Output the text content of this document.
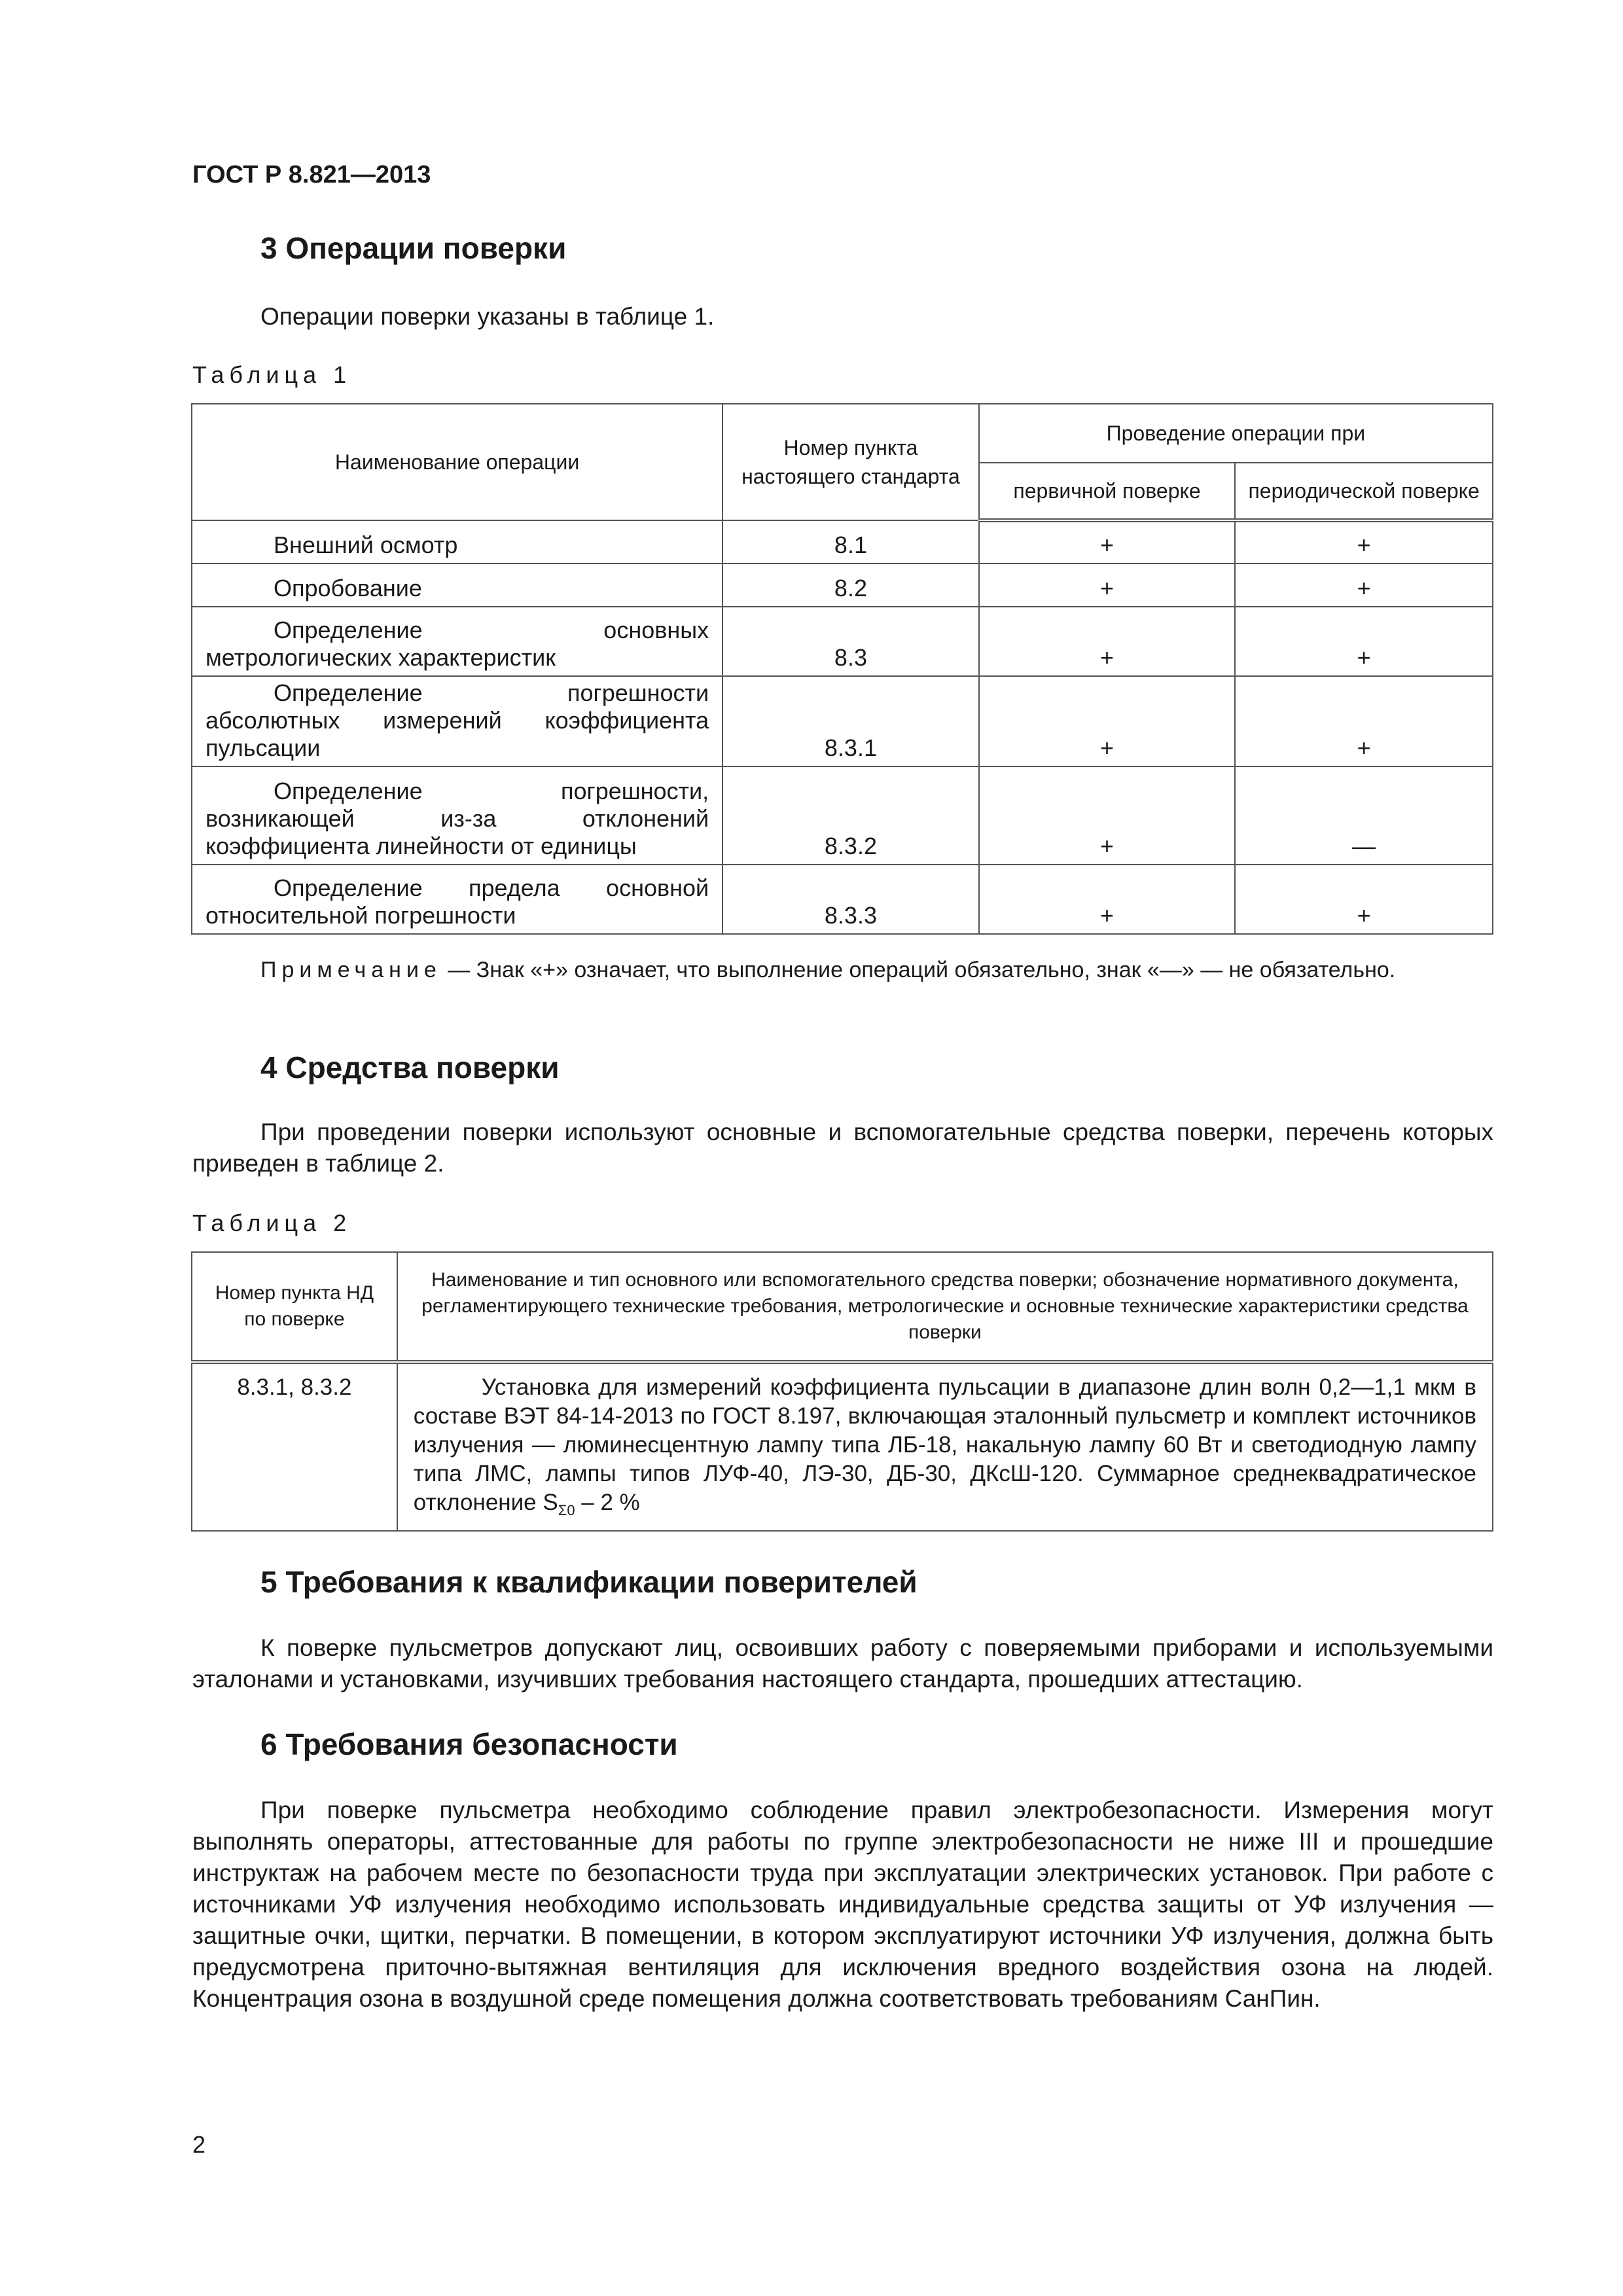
ГОСТ Р 8.821—2013
3 Операции поверки
Операции поверки указаны в таблице 1.
Таблица 1
Наименование операции	Номер пункта настоящего стандарта	Проведение операции при	
		первичной поверке	периодической поверке
Внешний осмотр	8.1	+	+
Опробование	8.2	+	+
Определение основных метрологических характеристик	8.3	+	+
Определение погрешности абсолютных измерений коэффициента пульсации	8.3.1	+	+
Определение погрешности, возникающей из-за отклонений коэффициента линейности от единицы	8.3.2	+	—
Определение предела основной относительной погрешности	8.3.3	+	+
Примечание — Знак «+» означает, что выполнение операций обязательно, знак «—» — не обязательно.
4 Средства поверки
При проведении поверки используют основные и вспомогательные средства поверки, перечень которых приведен в таблице 2.
Таблица 2
Номер пункта НД по поверке	Наименование и тип основного или вспомогательного средства поверки; обозначение нормативного документа, регламентирующего технические требования, метрологические и основные технические характеристики средства поверки
8.3.1, 8.3.2	Установка для измерений коэффициента пульсации в диапазоне длин волн 0,2—1,1 мкм в составе ВЭТ 84-14-2013 по ГОСТ 8.197, включающая эталонный пульсметр и комплект источников излучения — люминесцентную лампу типа ЛБ-18, накальную лампу 60 Вт и светодиодную лампу типа ЛМС, лампы типов ЛУФ-40, ЛЭ-30, ДБ-30, ДКсШ-120. Суммарное среднеквадратическое отклонение $S_{\Sigma 0} - 2$ %
5 Требования к квалификации поверителей
К поверке пульсметров допускают лиц, освоивших работу с поверяемыми приборами и используемыми эталонами и установками, изучивших требования настоящего стандарта, прошедших аттестацию.
6 Требования безопасности
При поверке пульсметра необходимо соблюдение правил электробезопасности. Измерения могут выполнять операторы, аттестованные для работы по группе электробезопасности не ниже III и прошедшие инструктаж на рабочем месте по безопасности труда при эксплуатации электрических установок. При работе с источниками УФ излучения необходимо использовать индивидуальные средства защиты от УФ излучения — защитные очки, щитки, перчатки. В помещении, в котором эксплуатируют источники УФ излучения, должна быть предусмотрена приточно-вытяжная вентиляция для исключения вредного воздействия озона на людей. Концентрация озона в воздушной среде помещения должна соответствовать требованиям СанПин.
2
